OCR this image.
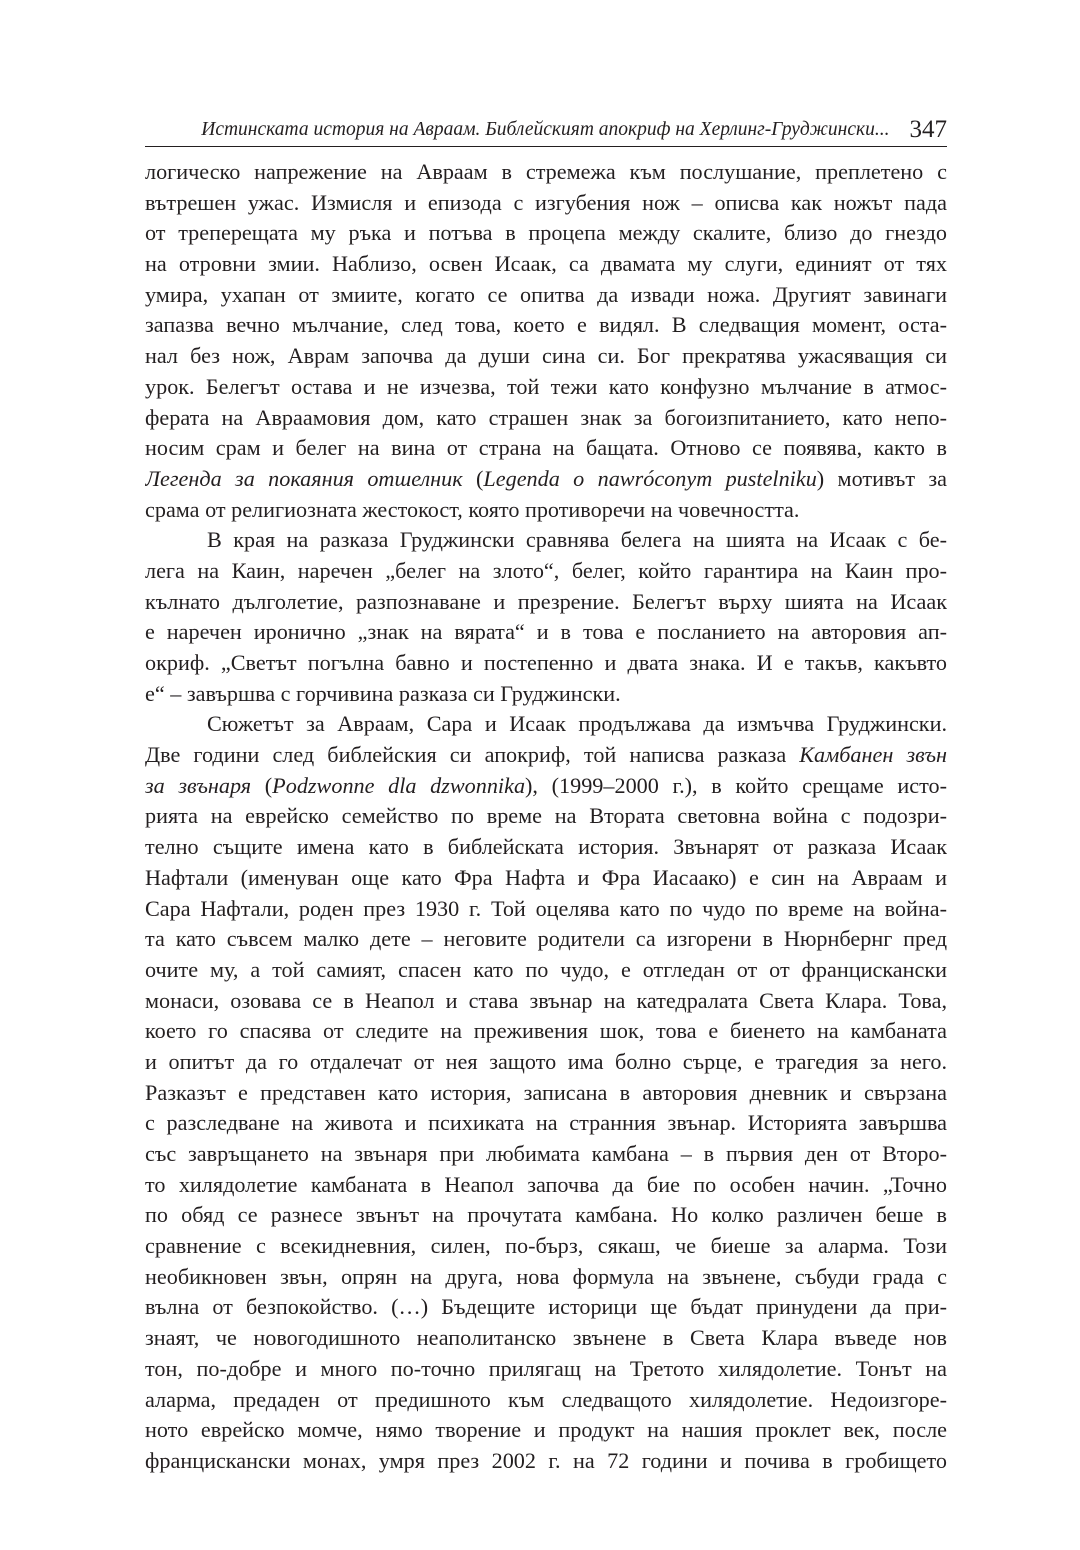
Истинската история на Авраам. Библейският апокриф на Херлинг-Груджински... 347
логическо напрежение на Авраам в стремежа към послушание, преплетено с
вътрешен ужас. Измисля и епизода с изгубения нож – описва как ножът пада
от треперещата му ръка и потъва в процепа между скалите, близо до гнездо
на отровни змии. Наблизо, освен Исаак, са двамата му слуги, единият от тях
умира, ухапан от змиите, когато се опитва да извади ножа. Другият завинаги
запазва вечно мълчание, след това, което е видял. В следващия момент, оста-
нал без нож, Аврам започва да души сина си. Бог прекратява ужасяващия си
урок. Белегът остава и не изчезва, той тежи като конфузно мълчание в атмос-
ферата на Авраамовия дом, като страшен знак за богоизпитанието, като непо-
носим срам и белег на вина от страна на бащата. Отново се появява, както в
Легенда за покаяния отшелник (Legenda o nawróconym pustelniku) мотивът за
срама от религиозната жестокост, която противоречи на човечността.
В края на разказа Груджински сравнява белега на шията на Исаак с бе-
лега на Каин, наречен „белег на злото“, белег, който гарантира на Каин про-
кълнато дълголетие, разпознаване и презрение. Белегът върху шията на Исаак
е наречен иронично „знак на вярата“ и в това е посланието на авторовия ап-
окриф. „Светът погълна бавно и постепенно и двата знака. И е такъв, какъвто
е“ – завършва с горчивина разказа си Груджински.
Сюжетът за Авраам, Сара и Исаак продължава да измъчва Груджински.
Две години след библейския си апокриф, той написва разказа Камбанен звън
за звънаря (Podzwonne dla dzwonnika), (1999–2000 г.), в който срещаме исто-
рията на еврейско семейство по време на Втората световна война с подозри-
телно същите имена като в библейската история. Звънарят от разказа Исаак
Нафтали (именуван още като Фра Нафта и Фра Иасаако) е син на Авраам и
Сара Нафтали, роден през 1930 г. Той оцелява като по чудо по време на война-
та като съвсем малко дете – неговите родители са изгорени в Нюрнбернг пред
очите му, а той самият, спасен като по чудо, е отгледан от от францискански
монаси, озовава се в Неапол и става звънар на катедралата Света Клара. Това,
което го спасява от следите на преживения шок, това е биенето на камбаната
и опитът да го отдалечат от нея защото има болно сърце, е трагедия за него.
Разказът е представен като история, записана в авторовия дневник и свързана
с разследване на живота и психиката на странния звънар. Историята завършва
със завръщането на звънаря при любимата камбана – в първия ден от Второ-
то хилядолетие камбаната в Неапол започва да бие по особен начин. „Точно
по обяд се разнесе звънът на прочутата камбана. Но колко различен беше в
сравнение с всекидневния, силен, по-бърз, сякаш, че биеше за аларма. Този
необикновен звън, опрян на друга, нова формула на звънене, събуди града с
вълна от безпокойство. (…) Бъдещите историци ще бъдат принудени да при-
знаят, че новогодишното неаполитанско звънене в Света Клара въведе нов
тон, по-добре и много по-точно прилягащ на Третото хилядолетие. Тонът на
аларма, предаден от предишното към следващото хилядолетие. Недоизгоре-
ното еврейско момче, нямо творение и продукт на нашия проклет век, после
францискански монах, умря през 2002 г. на 72 години и почива в гробището
